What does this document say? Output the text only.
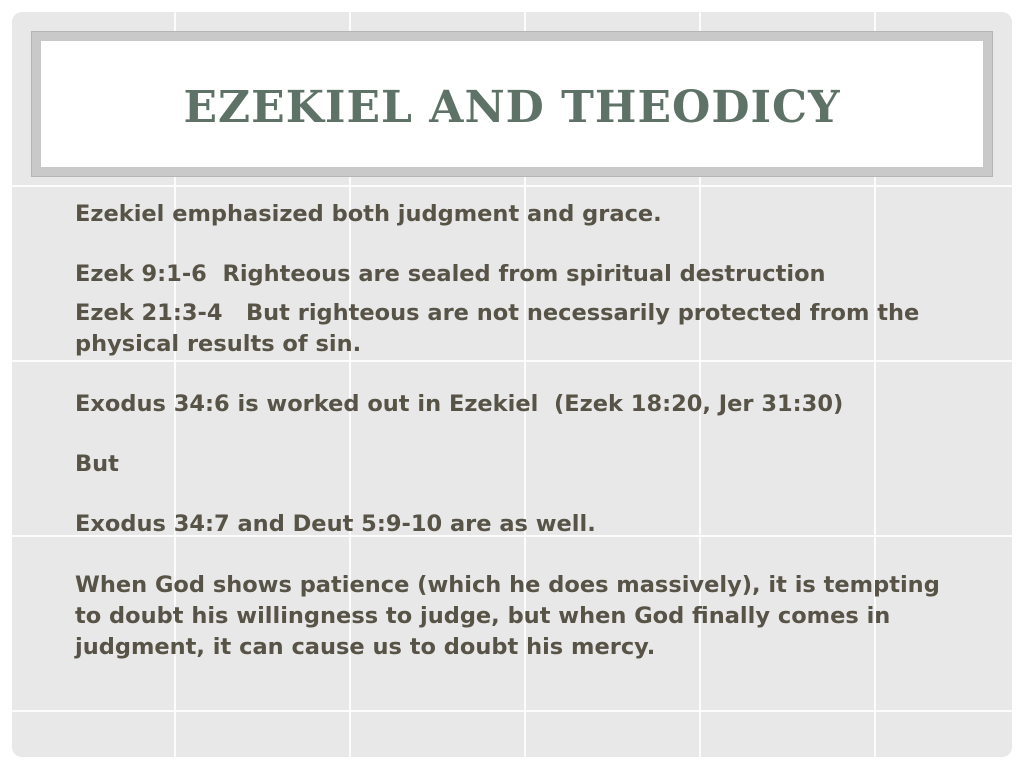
EZEKIEL AND THEODICY

Ezekiel emphasized both judgment and grace.

Ezek 9:1-6  Righteous are sealed from spiritual destruction

Ezek 21:3-4   But righteous are not necessarily protected from the physical results of sin.

Exodus 34:6 is worked out in Ezekiel  (Ezek 18:20, Jer 31:30)

But

Exodus 34:7 and Deut 5:9-10 are as well.

When God shows patience (which he does massively), it is tempting to doubt his willingness to judge, but when God finally comes in judgment, it can cause us to doubt his mercy.
